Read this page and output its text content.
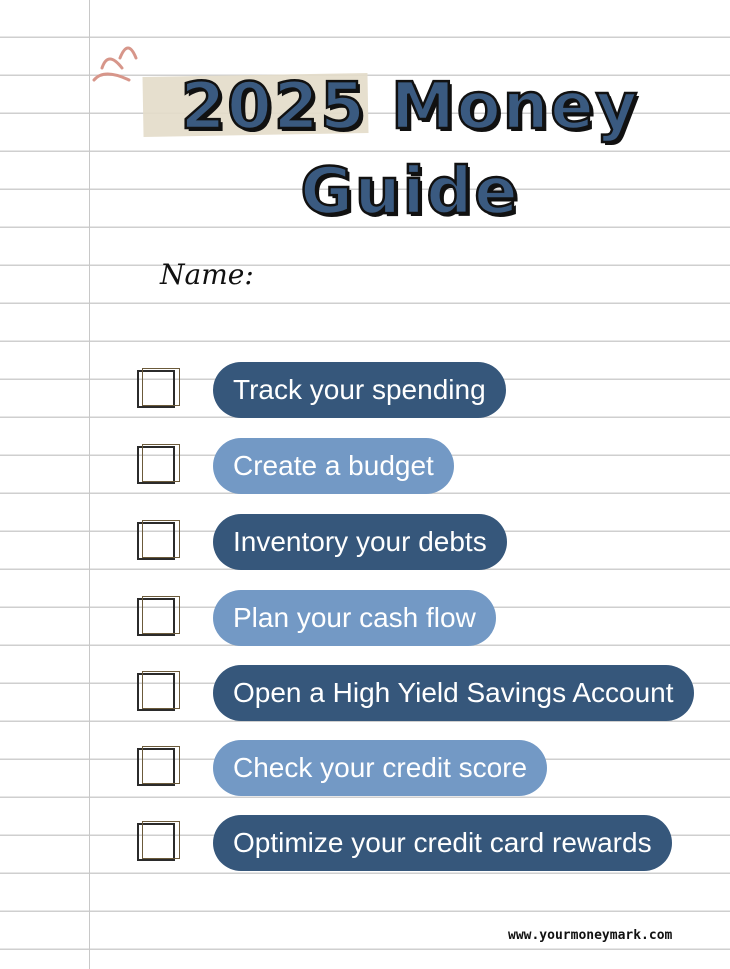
2025 Money
Guide
Name:
Track your spending
Create a budget
Inventory your debts
Plan your cash flow
Open a High Yield Savings Account
Check your credit score
Optimize your credit card rewards
www.yourmoneymark.com
